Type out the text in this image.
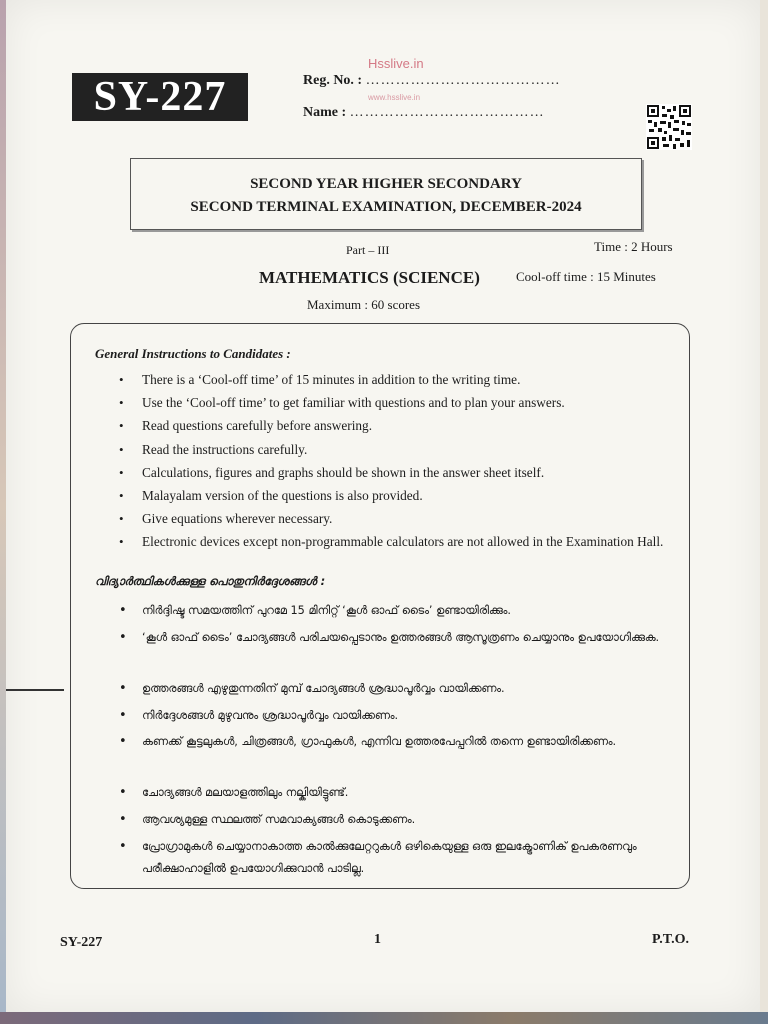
SY-227
Hsslive.in
www.hsslive.in
Reg. No. : …………………………………
Name : …………………………………
SECOND YEAR HIGHER SECONDARY
SECOND TERMINAL EXAMINATION, DECEMBER-2024
Part – III	Time : 2 Hours
MATHEMATICS (SCIENCE)	Cool-off time : 15 Minutes
Maximum : 60 scores
General Instructions to Candidates :
• There is a ‘Cool-off time’ of 15 minutes in addition to the writing time.
• Use the ‘Cool-off time’ to get familiar with questions and to plan your answers.
• Read questions carefully before answering.
• Read the instructions carefully.
• Calculations, figures and graphs should be shown in the answer sheet itself.
• Malayalam version of the questions is also provided.
• Give equations wherever necessary.
• Electronic devices except non-programmable calculators are not allowed in the Examination Hall.
വിദ്യാർത്ഥികൾക്കുള്ള പൊതുനിർദ്ദേശങ്ങൾ :
• നിർദ്ദിഷ്ട സമയത്തിന് പുറമേ 15 മിനിറ്റ് ‘കൂൾ ഓഫ് ടൈം’ ഉണ്ടായിരിക്കും.
• ‘കൂൾ ഓഫ് ടൈം’ ചോദ്യങ്ങൾ പരിചയപ്പെടാനും ഉത്തരങ്ങൾ ആസൂത്രണം ചെയ്യാനും ഉപയോഗിക്കുക.
• ഉത്തരങ്ങൾ എഴുതുന്നതിന് മുമ്പ് ചോദ്യങ്ങൾ ശ്രദ്ധാപൂർവ്വം വായിക്കണം.
• നിർദ്ദേശങ്ങൾ മുഴുവനും ശ്രദ്ധാപൂർവ്വം വായിക്കണം.
• കണക്ക് കൂട്ടലുകൾ, ചിത്രങ്ങൾ, ഗ്രാഫുകൾ, എന്നിവ ഉത്തരപേപ്പറിൽ തന്നെ ഉണ്ടായിരിക്കണം.
• ചോദ്യങ്ങൾ മലയാളത്തിലും നല്കിയിട്ടുണ്ട്.
• ആവശ്യമുള്ള സ്ഥലത്ത് സമവാക്യങ്ങൾ കൊടുക്കണം.
• പ്രോഗ്രാമുകൾ ചെയ്യാനാകാത്ത കാൽക്കുലേറ്ററുകൾ ഒഴികെയുള്ള ഒരു ഇലക്ട്രോണിക് ഉപകരണവും പരീക്ഷാഹാളിൽ ഉപയോഗിക്കുവാൻ പാടില്ല.
SY-227	1	P.T.O.
